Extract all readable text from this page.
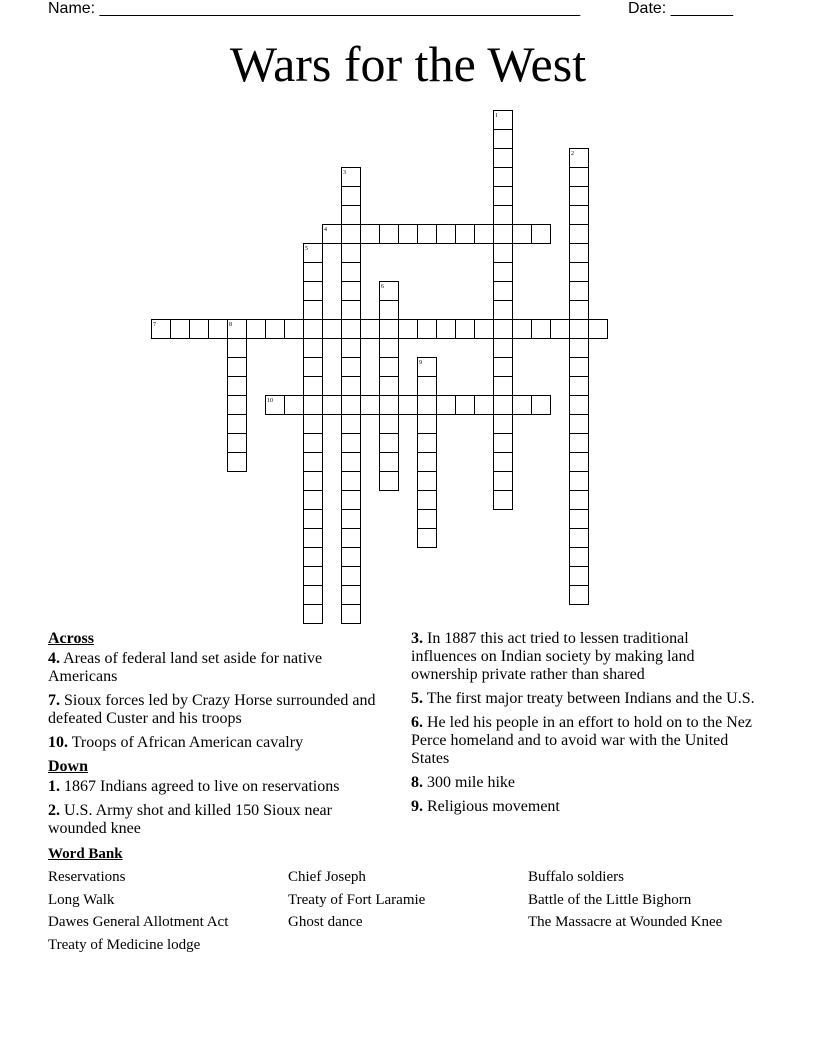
Name: ______________________________________________________	Date: _______
Wars for the West
1
2
3
4
5
6
7	8
9
10
Across
4. Areas of federal land set aside for native Americans
7. Sioux forces led by Crazy Horse surrounded and defeated Custer and his troops
10. Troops of African American cavalry
Down
1. 1867 Indians agreed to live on reservations
2. U.S. Army shot and killed 150 Sioux near wounded knee
3. In 1887 this act tried to lessen traditional influences on Indian society by making land ownership private rather than shared
5. The first major treaty between Indians and the U.S.
6. He led his people in an effort to hold on to the Nez Perce homeland and to avoid war with the United States
8. 300 mile hike
9. Religious movement
Word Bank
Reservations
Long Walk
Dawes General Allotment Act
Treaty of Medicine lodge
Chief Joseph
Treaty of Fort Laramie
Ghost dance
Buffalo soldiers
Battle of the Little Bighorn
The Massacre at Wounded Knee
